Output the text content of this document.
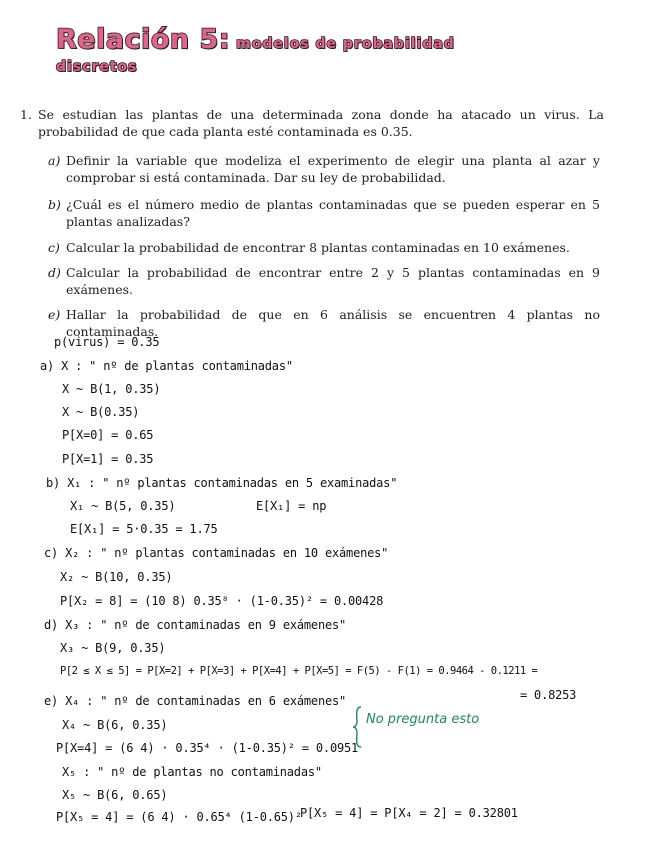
Relación 5: modelos de probabilidad
discretos
1. Se estudian las plantas de una determinada zona donde ha atacado un virus. La probabilidad de que cada planta esté contaminada es 0.35.
a) Definir la variable que modeliza el experimento de elegir una planta al azar y comprobar si está contaminada. Dar su ley de probabilidad.
b) ¿Cuál es el número medio de plantas contaminadas que se pueden esperar en 5 plantas analizadas?
c) Calcular la probabilidad de encontrar 8 plantas contaminadas en 10 exámenes.
d) Calcular la probabilidad de encontrar entre 2 y 5 plantas contaminadas en 9 exámenes.
e) Hallar la probabilidad de que en 6 análisis se encuentren 4 plantas no contaminadas.
p(virus) = 0.35
a) X : " nº de plantas contaminadas"
X ~ B(1, 0.35)
X ~ B(0.35)
P[X=0] = 0.65
P[X=1] = 0.35
b) X₁ : " nº plantas contaminadas en 5 examinadas"
X₁ ~ B(5, 0.35)	E[X₁] = np
E[X₁] = 5·0.35 = 1.75
c) X₂ : " nº plantas contaminadas en 10 exámenes"
X₂ ~ B(10, 0.35)
P[X₂ = 8] = (10 8) 0.35⁸ · (1-0.35)² = 0.00428
d) X₃ : " nº de contaminadas en 9 exámenes"
X₃ ~ B(9, 0.35)
P[2 ≤ X ≤ 5] = P[X=2] + P[X=3] + P[X=4] + P[X=5] = F(5) - F(1) = 0.9464 - 0.1211 =
= 0.8253
e) X₄ : " nº de contaminadas en 6 exámenes"
X₄ ~ B(6, 0.35)
P[X=4] = (6 4) · 0.35⁴ · (1-0.35)² = 0.0951
X₅ : " nº de plantas no contaminadas"
X₅ ~ B(6, 0.65)
P[X₅ = 4] = (6 4) · 0.65⁴ (1-0.65)²
P[X₅ = 4] = P[X₄ = 2] = 0.32801
No pregunta esto
